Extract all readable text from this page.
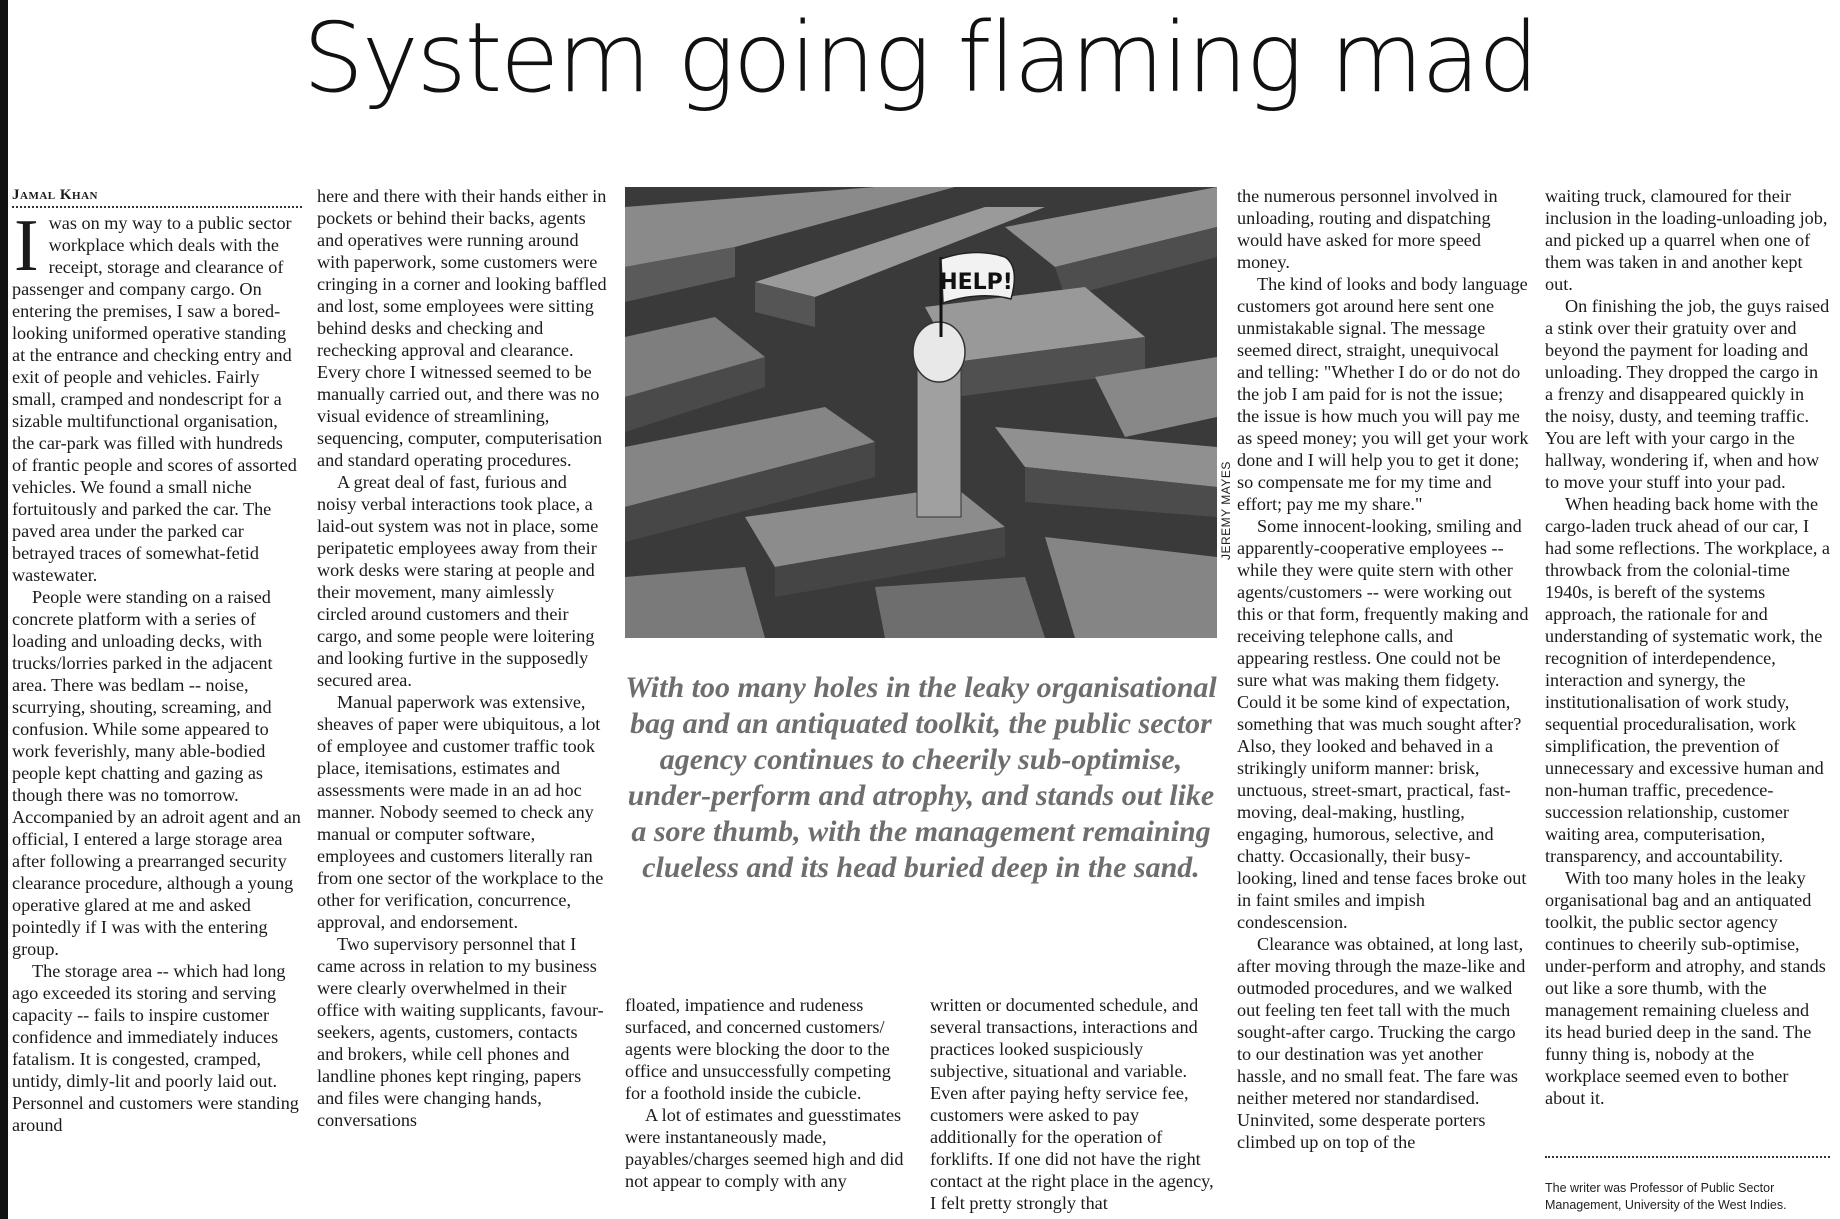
System going flaming mad
Jamal Khan

Iwas on my way to a public sector workplace which deals with the receipt, storage and clearance of passenger and company cargo. On entering the premises, I saw a bored-looking uniformed operative standing at the entrance and checking entry and exit of people and vehicles. Fairly small, cramped and nondescript for a sizable multifunctional organisation, the car-park was filled with hundreds of frantic people and scores of assorted vehicles. We found a small niche fortuitously and parked the car. The paved area under the parked car betrayed traces of somewhat-fetid wastewater.

People were standing on a raised concrete platform with a series of loading and unloading decks, with trucks/lorries parked in the adjacent area. There was bedlam -- noise, scurrying, shouting, screaming, and confusion. While some appeared to work feverishly, many able-bodied people kept chatting and gazing as though there was no tomorrow. Accompanied by an adroit agent and an official, I entered a large storage area after following a prearranged security clearance procedure, although a young operative glared at me and asked pointedly if I was with the entering group.

The storage area -- which had long ago exceeded its storing and serving capacity -- fails to inspire customer confidence and immediately induces fatalism. It is congested, cramped, untidy, dimly-lit and poorly laid out. Personnel and customers were standing around

here and there with their hands either in pockets or behind their backs, agents and operatives were running around with paperwork, some customers were cringing in a corner and looking baffled and lost, some employees were sitting behind desks and checking and rechecking approval and clearance. Every chore I witnessed seemed to be manually carried out, and there was no visual evidence of streamlining, sequencing, computer, computerisation and standard operating procedures.

A great deal of fast, furious and noisy verbal interactions took place, a laid-out system was not in place, some peripatetic employees away from their work desks were staring at people and their movement, many aimlessly circled around customers and their cargo, and some people were loitering and looking furtive in the supposedly secured area.

Manual paperwork was extensive, sheaves of paper were ubiquitous, a lot of employee and customer traffic took place, itemisations, estimates and assessments were made in an ad hoc manner. Nobody seemed to check any manual or computer software, employees and customers literally ran from one sector of the workplace to the other for verification, concurrence, approval, and endorsement.

Two supervisory personnel that I came across in relation to my business were clearly overwhelmed in their office with waiting supplicants, favour-seekers, agents, customers, contacts and brokers, while cell phones and landline phones kept ringing, papers and files were changing hands, conversations

HELP!
JEREMY MAYES
With too many holes in the leaky organisational bag and an antiquated toolkit, the public sector agency continues to cheerily sub-optimise, under-perform and atrophy, and stands out like a sore thumb, with the management remaining clueless and its head buried deep in the sand.

floated, impatience and rudeness surfaced, and concerned customers/ agents were blocking the door to the office and unsuccessfully competing for a foothold inside the cubicle.

A lot of estimates and guesstimates were instantaneously made, payables/charges seemed high and did not appear to comply with any

written or documented schedule, and several transactions, interactions and practices looked suspiciously subjective, situational and variable. Even after paying hefty service fee, customers were asked to pay additionally for the operation of forklifts. If one did not have the right contact at the right place in the agency, I felt pretty strongly that

the numerous personnel involved in unloading, routing and dispatching would have asked for more speed money.

The kind of looks and body language customers got around here sent one unmistakable signal. The message seemed direct, straight, unequivocal and telling: "Whether I do or do not do the job I am paid for is not the issue; the issue is how much you will pay me as speed money; you will get your work done and I will help you to get it done; so compensate me for my time and effort; pay me my share."

Some innocent-looking, smiling and apparently-cooperative employees -- while they were quite stern with other agents/customers -- were working out this or that form, frequently making and receiving telephone calls, and appearing restless. One could not be sure what was making them fidgety. Could it be some kind of expectation, something that was much sought after? Also, they looked and behaved in a strikingly uniform manner: brisk, unctuous, street-smart, practical, fast-moving, deal-making, hustling, engaging, humorous, selective, and chatty. Occasionally, their busy-looking, lined and tense faces broke out in faint smiles and impish condescension.

Clearance was obtained, at long last, after moving through the maze-like and outmoded procedures, and we walked out feeling ten feet tall with the much sought-after cargo. Trucking the cargo to our destination was yet another hassle, and no small feat. The fare was neither metered nor standardised. Uninvited, some desperate porters climbed up on top of the

waiting truck, clamoured for their inclusion in the loading-unloading job, and picked up a quarrel when one of them was taken in and another kept out.

On finishing the job, the guys raised a stink over their gratuity over and beyond the payment for loading and unloading. They dropped the cargo in a frenzy and disappeared quickly in the noisy, dusty, and teeming traffic. You are left with your cargo in the hallway, wondering if, when and how to move your stuff into your pad.

When heading back home with the cargo-laden truck ahead of our car, I had some reflections. The workplace, a throwback from the colonial-time 1940s, is bereft of the systems approach, the rationale for and understanding of systematic work, the recognition of interdependence, interaction and synergy, the institutionalisation of work study, sequential proceduralisation, work simplification, the prevention of unnecessary and excessive human and non-human traffic, precedence-succession relationship, customer waiting area, computerisation, transparency, and accountability.

With too many holes in the leaky organisational bag and an antiquated toolkit, the public sector agency continues to cheerily sub-optimise, under-perform and atrophy, and stands out like a sore thumb, with the management remaining clueless and its head buried deep in the sand. The funny thing is, nobody at the workplace seemed even to bother about it.

The writer was Professor of Public Sector Management, University of the West Indies.
